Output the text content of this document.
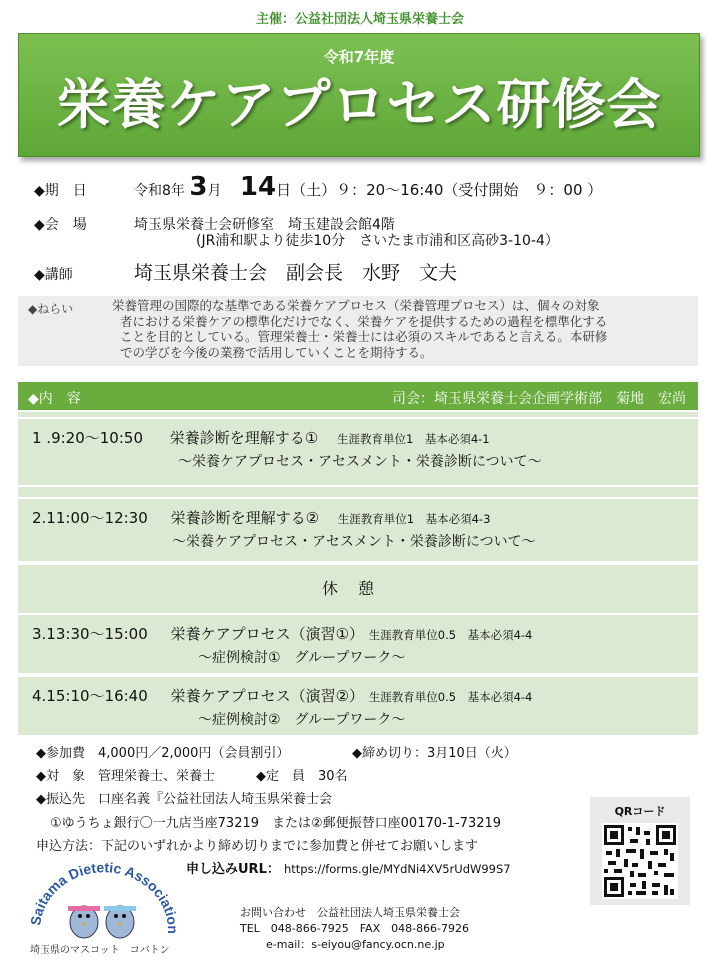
主催：公益社団法人埼玉県栄養士会
令和7年度
栄養ケアプロセス研修会
◆期　日	令和8年 3月 14日（土）９：20～16:40（受付開始　９：00 ）
◆会　場	埼玉県栄養士会研修室　埼玉建設会館4階
(JR浦和駅より徒歩10分　さいたま市浦和区高砂3-10-4）
◆講師	埼玉県栄養士会　副会長　水野　文夫
◆ねらい	栄養管理の国際的な基準である栄養ケアプロセス（栄養管理プロセス）は、個々の対象
者における栄養ケアの標準化だけでなく、栄養ケアを提供するための過程を標準化する
ことを目的としている。管理栄養士・栄養士には必須のスキルであると言える。本研修
での学びを今後の業務で活用していくことを期待する。
◆内　容	司会：埼玉県栄養士会企画学術部　菊地　宏尚
1 .9:20～10:50 栄養診断を理解する① 生涯教育単位1　基本必須4-1
～栄養ケアプロセス・アセスメント・栄養診断について～
2.11:00～12:30 栄養診断を理解する② 生涯教育単位1　基本必須4-3
～栄養ケアプロセス・アセスメント・栄養診断について～
休憩
3.13:30～15:00 栄養ケアプロセス（演習①） 生涯教育単位0.5　基本必須4-4
～症例検討①　グループワーク～
4.15:10～16:40 栄養ケアプロセス（演習②） 生涯教育単位0.5　基本必須4-4
～症例検討②　グループワーク～
◆参加費　4,000円／2,000円（会員割引）	◆締め切り：3月10日（火）
◆対　象　管理栄養士、栄養士	◆定　員　30名
◆振込先　口座名義『公益社団法人埼玉県栄養士会
①ゆうちょ銀行〇一九店当座73219　または②郵便振替口座00170-1-73219
申込方法：下記のいずれかより締め切りまでに参加費と併せてお願いします
申し込みURL： https://forms.gle/MYdNi4XV5rUdW99S7
QRコード
Saitama Dietetic Associati
埼玉県のマスコット　コバトン
お問い合わせ　公益社団法人埼玉県栄養士会
TEL　048-866-7925　FAX　048-866-7926
e-mail：s-eiyou@fancy.ocn.ne.jp
